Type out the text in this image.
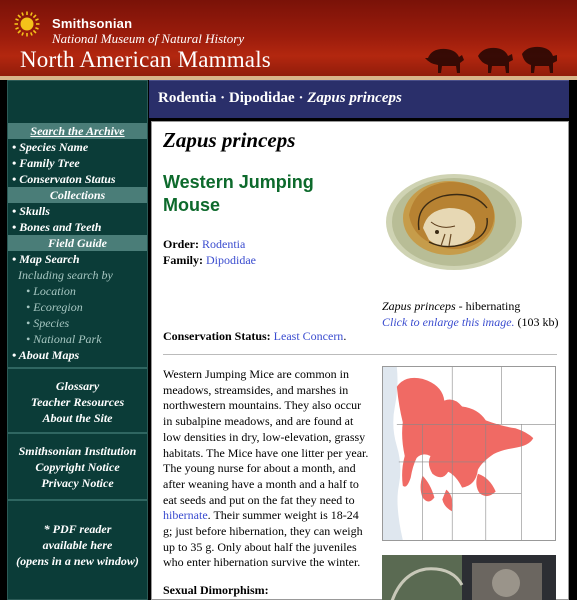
Smithsonian
National Museum of Natural History
North American Mammals
Search the Archive
• Species Name
• Family Tree
• Conservaton Status
Collections
• Skulls
• Bones and Teeth
Field Guide
• Map Search
Including search by
• Location
• Ecoregion
• Species
• National Park
• About Maps
Glossary
Teacher Resources
About the Site
Smithsonian Institution
Copyright Notice
Privacy Notice
* PDF reader
available here
(opens in a new window)
Rodentia · Dipodidae · Zapus princeps
Zapus princeps
Western Jumping Mouse
Order: Rodentia
Family: Dipodidae
Zapus princeps - hibernating
Click to enlarge this image. (103 kb)
Conservation Status: Least Concern.
Western Jumping Mice are common in meadows, streamsides, and marshes in northwestern mountains. They also occur in subalpine meadows, and are found at low densities in dry, low-elevation, grassy habitats. The Mice have one litter per year. The young nurse for about a month, and after weaning have a month and a half to eat seeds and put on the fat they need to hibernate. Their summer weight is 18-24 g; just before hibernation, they can weigh up to 35 g. Only about half the juveniles who enter hibernation survive the winter.
Sexual Dimorphism:
